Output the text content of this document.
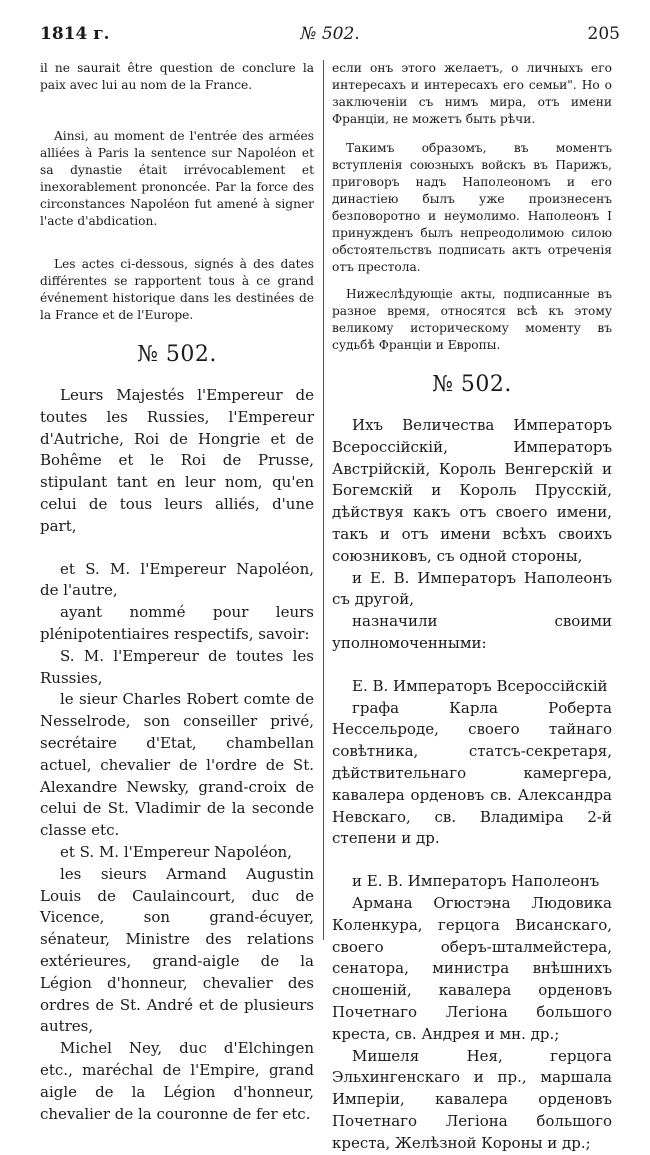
1814 г.	№ 502.	205

il ne saurait être question de conclure la paix avec lui au nom de la France.

Ainsi, au moment de l'entrée des armées alliées à Paris la sentence sur Napoléon et sa dynastie était irrévocablement et inexorablement prononcée. Par la force des circonstances Napoléon fut amené à signer l'acte d'abdication.

Les actes ci-dessous, signés à des dates différentes se rapportent tous à ce grand événement historique dans les destinées de la France et de l'Europe.

№ 502.

Leurs Majestés l'Empereur de toutes les Russies, l'Empereur d'Autriche, Roi de Hongrie et de Bohême et le Roi de Prusse, stipulant tant en leur nom, qu'en celui de tous leurs alliés, d'une part,

et S. M. l'Empereur Napoléon, de l'autre,

ayant nommé pour leurs plénipotentiaires respectifs, savoir:

S. M. l'Empereur de toutes les Russies,

le sieur Charles Robert comte de Nesselrode, son conseiller privé, secrétaire d'Etat, chambellan actuel, chevalier de l'ordre de St. Alexandre Newsky, grand-croix de celui de St. Vladimir de la seconde classe etc.

et S. M. l'Empereur Napoléon,

les sieurs Armand Augustin Louis de Caulaincourt, duc de Vicence, son grand-écuyer, sénateur, Ministre des relations extérieures, grand-aigle de la Légion d'honneur, chevalier des ordres de St. André et de plusieurs autres,

Michel Ney, duc d'Elchingen etc., maréchal de l'Empire, grand aigle de la Légion d'honneur, chevalier de la couronne de fer etc.

если онъ этого желаетъ, о личныхъ его интересахъ и интересахъ его семьи". Но о заключеніи съ нимъ мира, отъ имени Франціи, не можетъ быть рѣчи.

Такимъ образомъ, въ моментъ вступленія союзныхъ войскъ въ Парижъ, приговоръ надъ Наполеономъ и его династіею былъ уже произнесенъ безповоротно и неумолимо. Наполеонъ I принужденъ былъ непреодолимою силою обстоятельствъ подписать актъ отреченія отъ престола.

Нижеслѣдующіе акты, подписанные въ разное время, относятся всѣ къ этому великому историческому моменту въ судьбѣ Франціи и Европы.

№ 502.

Ихъ Величества Императоръ Всероссійскій, Императоръ Австрійскій, Король Венгерскій и Богемскій и Король Прусскій, дѣйствуя какъ отъ своего имени, такъ и отъ имени всѣхъ своихъ союзниковъ, съ одной стороны,

и Е. В. Императоръ Наполеонъ съ другой,

назначили своими уполномоченными:

Е. В. Императоръ Всероссійскій

графа Карла Роберта Нессельроде, своего тайнаго совѣтника, статсъ-секретаря, дѣйствительнаго камергера, кавалера орденовъ св. Александра Невскаго, св. Владиміра 2-й степени и др.

и Е. В. Императоръ Наполеонъ

Армана Огюстэна Людовика Коленкура, герцога Висанскаго, своего оберъ-шталмейстера, сенатора, министра внѣшнихъ сношеній, кавалера орденовъ Почетнаго Легіона большого креста, св. Андрея и мн. др.;

Мишеля Нея, герцога Эльхингенскаго и пр., маршала Имперіи, кавалера орденовъ Почетнаго Легіона большого креста, Желѣзной Короны и др.;
